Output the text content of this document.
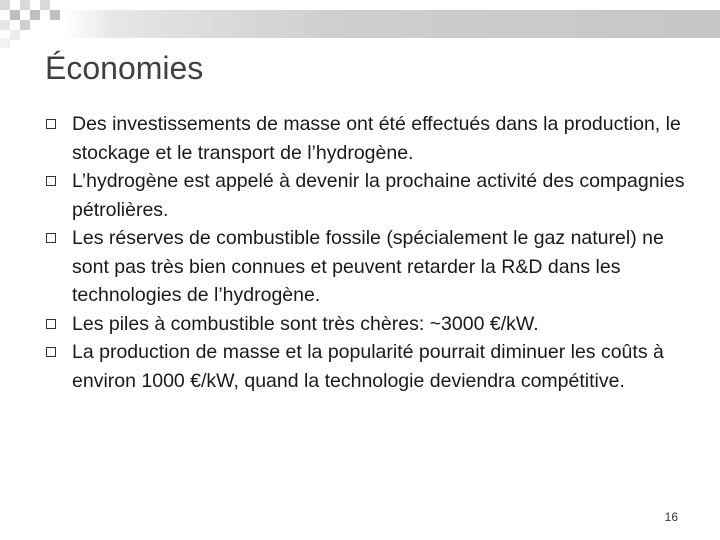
Économies
Des investissements de masse ont été effectués dans la production, le stockage et le transport de l’hydrogène.
L’hydrogène est appelé à devenir la prochaine activité des compagnies pétrolières.
Les réserves de combustible fossile (spécialement le gaz naturel) ne sont pas très bien connues et peuvent retarder la R&D dans les technologies de l’hydrogène.
Les piles à combustible sont très chères: ~3000 €/kW.
La production de masse et la popularité pourrait diminuer les coûts à environ 1000 €/kW, quand la technologie deviendra compétitive.
16
